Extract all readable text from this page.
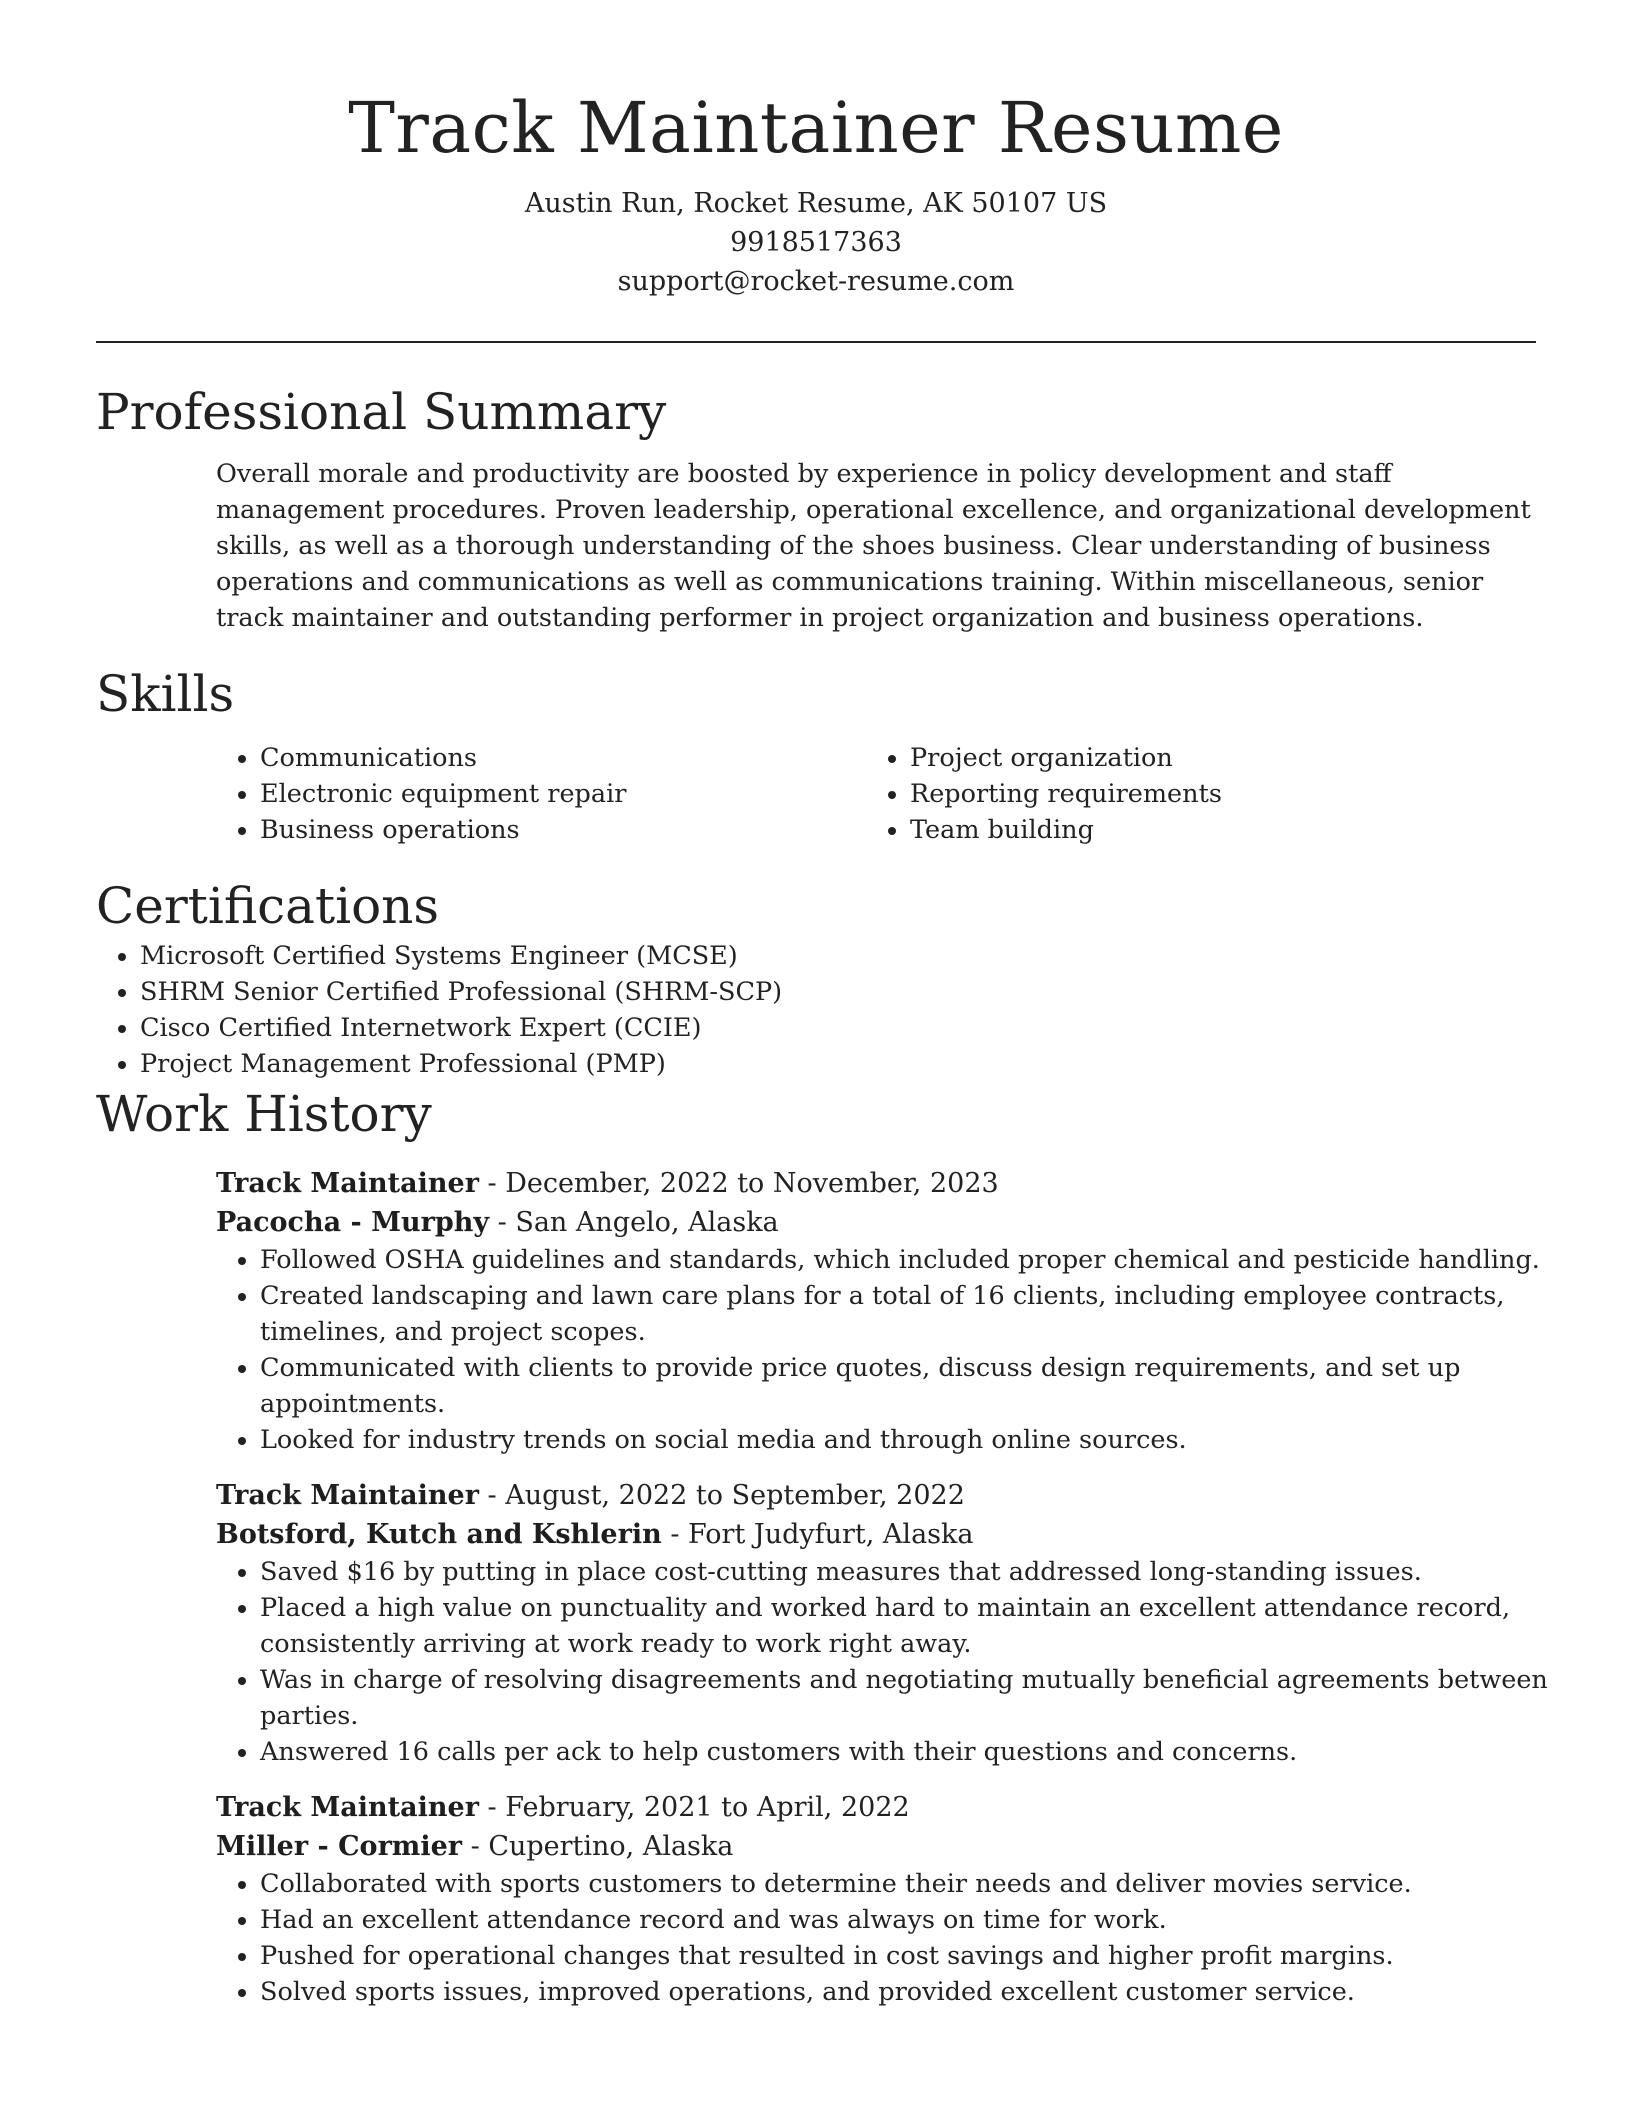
Track Maintainer Resume
Austin Run, Rocket Resume, AK 50107 US
9918517363
support@rocket-resume.com
Professional Summary

Overall morale and productivity are boosted by experience in policy development and staff management procedures. Proven leadership, operational excellence, and organizational development skills, as well as a thorough understanding of the shoes business. Clear understanding of business operations and communications as well as communications training. Within miscellaneous, senior track maintainer and outstanding performer in project organization and business operations.

Skills
• Communications
• Electronic equipment repair
• Business operations
• Project organization
• Reporting requirements
• Team building
Certifications
• Microsoft Certified Systems Engineer (MCSE)
• SHRM Senior Certified Professional (SHRM-SCP)
• Cisco Certified Internetwork Expert (CCIE)
• Project Management Professional (PMP)
Work History
Track Maintainer - December, 2022 to November, 2023
Pacocha - Murphy - San Angelo, Alaska
• Followed OSHA guidelines and standards, which included proper chemical and pesticide handling.
• Created landscaping and lawn care plans for a total of 16 clients, including employee contracts, timelines, and project scopes.
• Communicated with clients to provide price quotes, discuss design requirements, and set up appointments.
• Looked for industry trends on social media and through online sources.
Track Maintainer - August, 2022 to September, 2022
Botsford, Kutch and Kshlerin - Fort Judyfurt, Alaska
• Saved $16 by putting in place cost-cutting measures that addressed long-standing issues.
• Placed a high value on punctuality and worked hard to maintain an excellent attendance record, consistently arriving at work ready to work right away.
• Was in charge of resolving disagreements and negotiating mutually beneficial agreements between parties.
• Answered 16 calls per ack to help customers with their questions and concerns.
Track Maintainer - February, 2021 to April, 2022
Miller - Cormier - Cupertino, Alaska
• Collaborated with sports customers to determine their needs and deliver movies service.
• Had an excellent attendance record and was always on time for work.
• Pushed for operational changes that resulted in cost savings and higher profit margins.
• Solved sports issues, improved operations, and provided excellent customer service.
